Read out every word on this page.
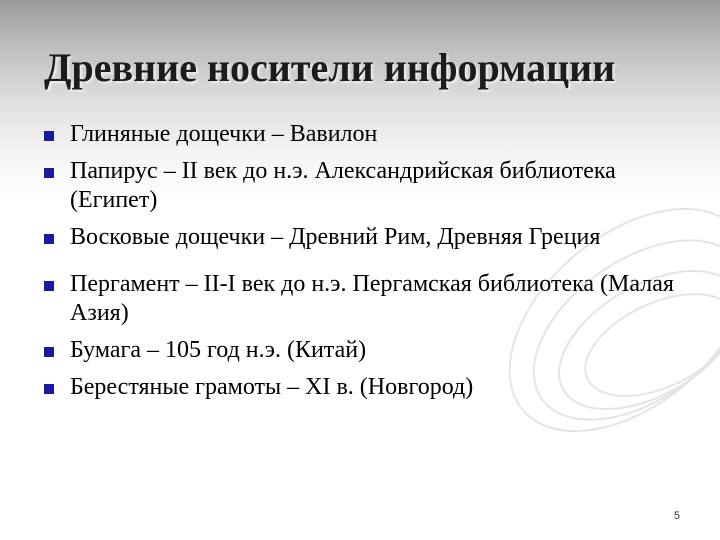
Древние носители информации
Глиняные дощечки – Вавилон
Папирус – II век до н.э. Александрийская библиотека (Египет)
Восковые дощечки – Древний Рим, Древняя Греция
Пергамент – II-I век до н.э. Пергамская библиотека (Малая Азия)
Бумага – 105 год н.э. (Китай)
Берестяные грамоты – XI в. (Новгород)
5
